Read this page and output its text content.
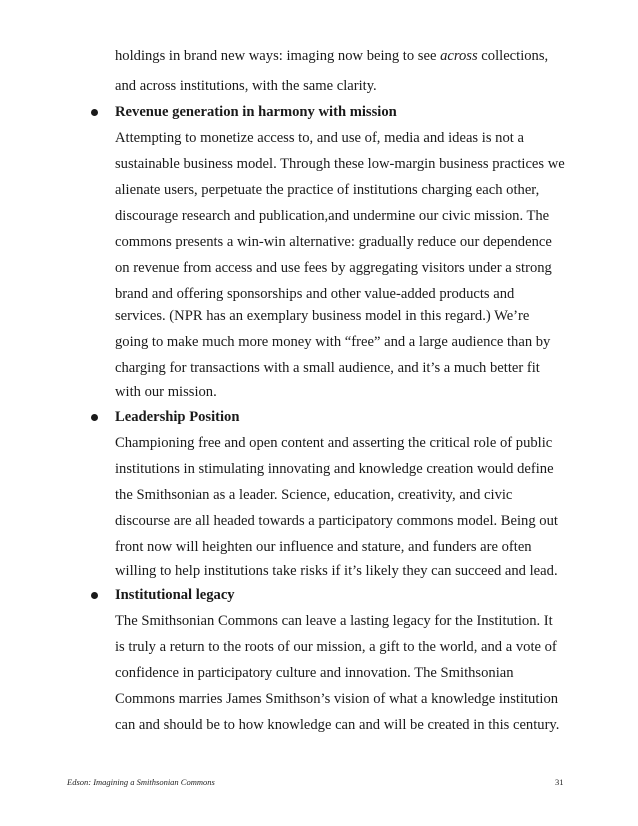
holdings in brand new ways: imaging now being to see across collections,
and across institutions, with the same clarity.
Revenue generation in harmony with mission
Attempting to monetize access to, and use of, media and ideas is not a
sustainable business model. Through these low-margin business practices we
alienate users, perpetuate the practice of institutions charging each other,
discourage research and publication,and undermine our civic mission. The
commons presents a win-win alternative: gradually reduce our dependence
on revenue from access and use fees by aggregating visitors under a strong
brand and offering sponsorships and other value-added products and
services. (NPR has an exemplary business model in this regard.) We’re
going to make much more money with “free” and a large audience than by
charging for transactions with a small audience, and it’s a much better fit
with our mission.
Leadership Position
Championing free and open content and asserting the critical role of public
institutions in stimulating innovating and knowledge creation would define
the Smithsonian as a leader. Science, education, creativity, and civic
discourse are all headed towards a participatory commons model. Being out
front now will heighten our influence and stature, and funders are often
willing to help institutions take risks if it’s likely they can succeed and lead.
Institutional legacy
The Smithsonian Commons can leave a lasting legacy for the Institution. It
is truly a return to the roots of our mission, a gift to the world, and a vote of
confidence in participatory culture and innovation. The Smithsonian
Commons marries James Smithson’s vision of what a knowledge institution
can and should be to how knowledge can and will be created in this century.
Edson: Imagining a Smithsonian Commons	31
